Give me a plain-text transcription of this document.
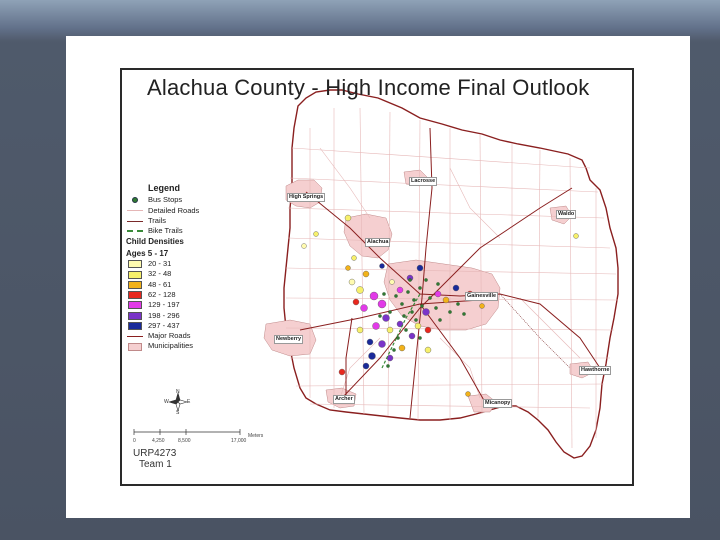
Alachua County - High Income Final Outlook
Legend
Bus Stops
Detailed Roads
Trails
Bike Trails
Child Densities
Ages 5 - 17
20 - 31
32 - 48
48 - 61
62 - 128
129 - 197
198 - 296
297 - 437
Major Roads
Municipalities
N
S
E
W
0	4,250	8,500	17,000
Meters
URP4273
Team 1
Lacrosse
High Springs
Waldo
Alachua
Gainesville
Newberry
Hawthorne
Archer
Micanopy
